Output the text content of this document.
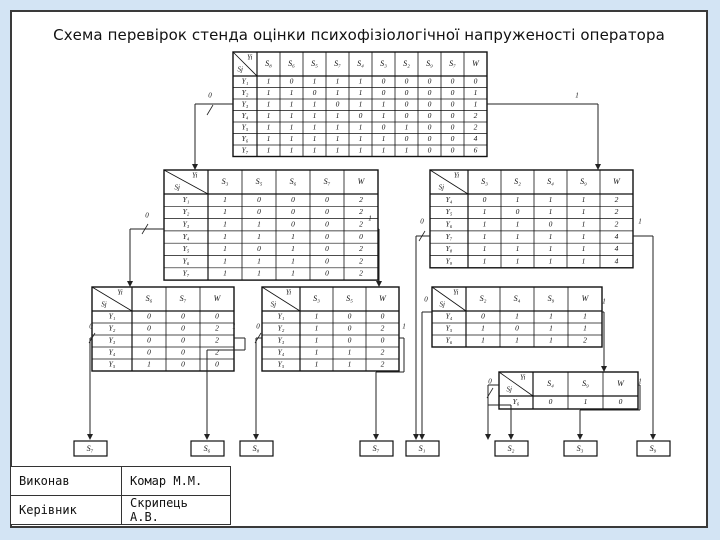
Схема перевірок стенда оцінки психофізіологічної напруженості оператора
Yi
Sj
S₈ S₆ S₅ S₇ S₄ S₃ S₂ S₉ S₇ W
Y₁ 1	0	1	1	1	0	0	0	0	0
Y₂ 1	1	0	1	1	0	0	0	0	1
Y₃ 1	1	1	0	1	1	0	0	0	1
Y₄ 1	1	1	1	0	1	0	0	0	2
Y₅ 1	1	1	1	1	0	1	0	0	2
Y₆ 1	1	1	1	1	1	0	0	0	4
Y₇ 1	1	1	1	1	1	1	0	0	6
Yi
Sj
S₃	S₅	S₆	S₇	W
Y₁	1	0	0	0	2
Y₂	1	0	0	0	2
Y₃	1	1	0	0	2
Y₄	1	1	1	0	0
Y₅	1	0	1	0	2
Y₆	1	1	1	0	2
Y₇	1	1	1	0	2
Yi
Sj
S₃	S₂	S₄	S₉	W
Y₄	0	1	1	1	2
Y₅	1	0	1	1	2
Y₆	1	1	0	1	2
Y₇	1	1	1	1	4
Y₈	1	1	1	1	4
Y₉	1	1	1	1	4
Yi
Sj
S₆	S₇	W
Y₁	0	0	0
Y₂	0	0	2
Y₃	0	0	2
Y₄	0	0	2
Y₅	1	0	0
Yi
Sj
S₃	S₅	W
Y₁	1	0	0
Y₂	1	0	2
Y₃	1	0	0
Y₄	1	1	2
Y₅	1	1	2
Yi
Sj
S₂	S₄	S₉	W
Y₄	0	1	1	1
Y₅	1	0	1	1
Y₆	1	1	1	2
Yi
Sj
S₄	S₉	W
Y₆	0	1	0
0	1
0	1	0	1
0	1	0	1
0	1
0	1
S₇	S₆	S₈	S₇	S₁	S₂	S₃	S₉
Виконав	Комар М.М.
Керівник	Скрипець А.В.
